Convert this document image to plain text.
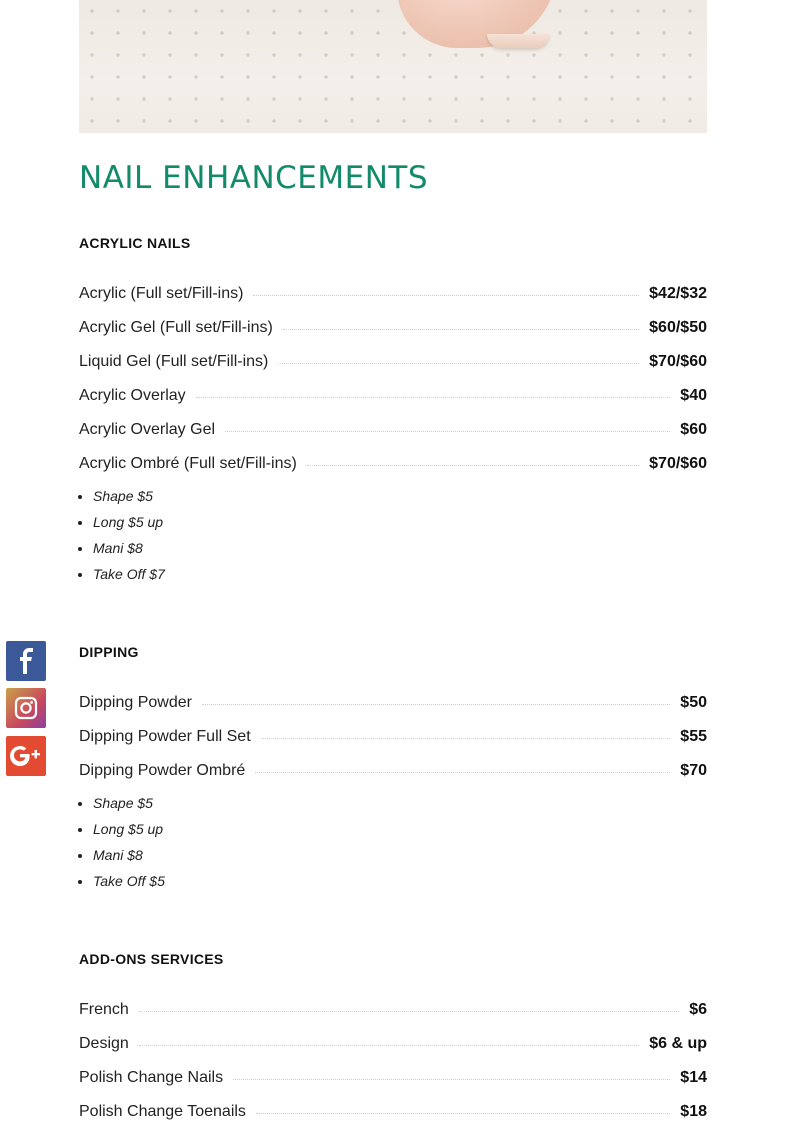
NAIL ENHANCEMENTS
ACRYLIC NAILS
Acrylic (Full set/Fill-ins)	$42/$32
Acrylic Gel (Full set/Fill-ins)	$60/$50
Liquid Gel (Full set/Fill-ins)	$70/$60
Acrylic Overlay	$40
Acrylic Overlay Gel	$60
Acrylic Ombré (Full set/Fill-ins)	$70/$60
• Shape $5
• Long $5 up
• Mani $8
• Take Off $7
DIPPING
Dipping Powder	$50
Dipping Powder Full Set	$55
Dipping Powder Ombré	$70
• Shape $5
• Long $5 up
• Mani $8
• Take Off $5
ADD-ONS SERVICES
French	$6
Design	$6 & up
Polish Change Nails	$14
Polish Change Toenails	$18
